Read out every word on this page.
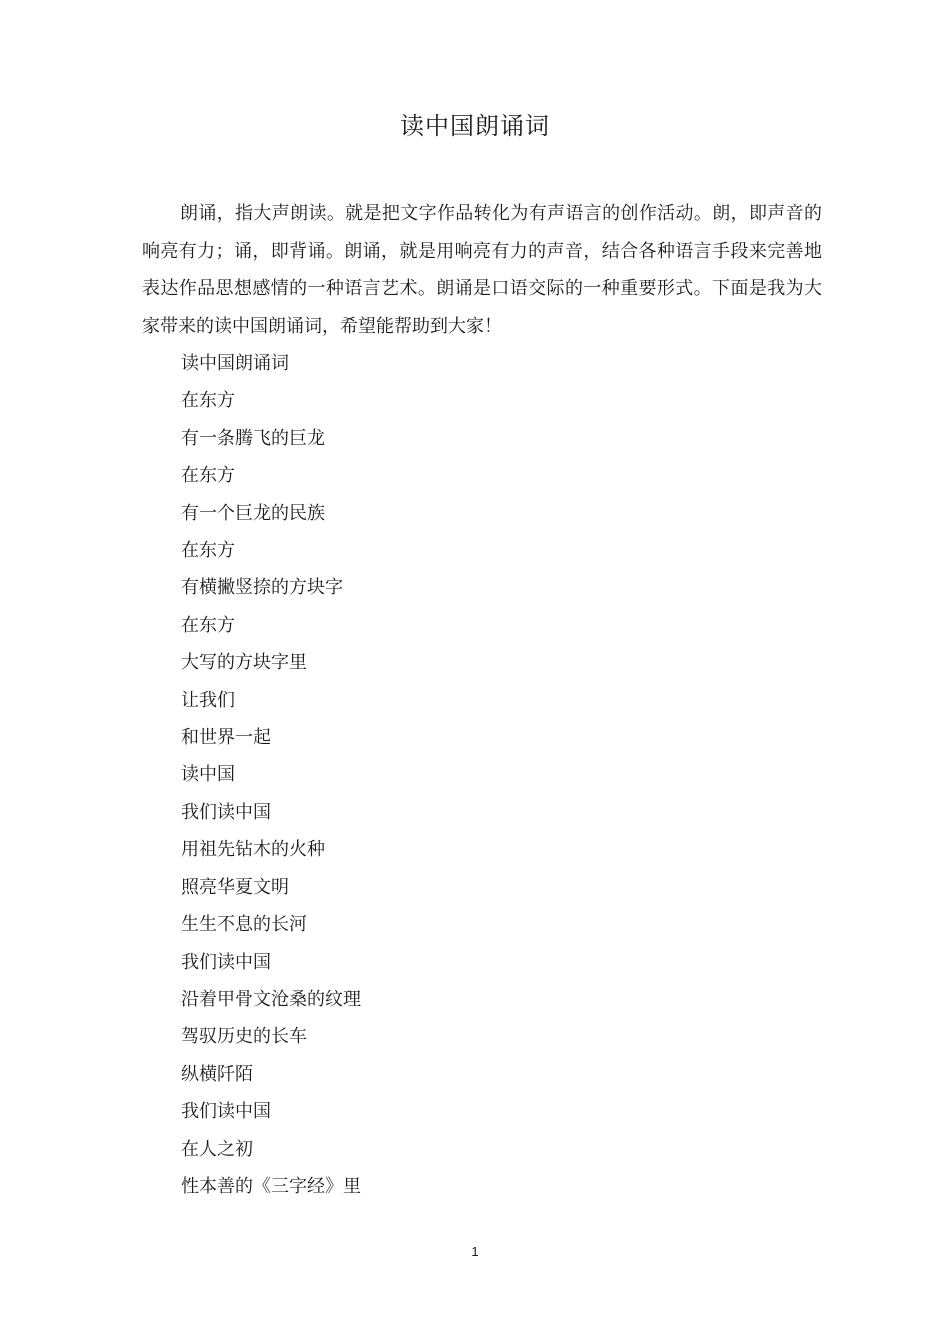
读中国朗诵词

朗诵，指大声朗读。就是把文字作品转化为有声语言的创作活动。朗，即声音的响亮有力；诵，即背诵。朗诵，就是用响亮有力的声音，结合各种语言手段来完善地表达作品思想感情的一种语言艺术。朗诵是口语交际的一种重要形式。下面是我为大家带来的读中国朗诵词，希望能帮助到大家！

读中国朗诵词
在东方
有一条腾飞的巨龙
在东方
有一个巨龙的民族
在东方
有横撇竖捺的方块字
在东方
大写的方块字里
让我们
和世界一起
读中国
我们读中国
用祖先钻木的火种
照亮华夏文明
生生不息的长河
我们读中国
沿着甲骨文沧桑的纹理
驾驭历史的长车
纵横阡陌
我们读中国
在人之初
性本善的《三字经》里
1
